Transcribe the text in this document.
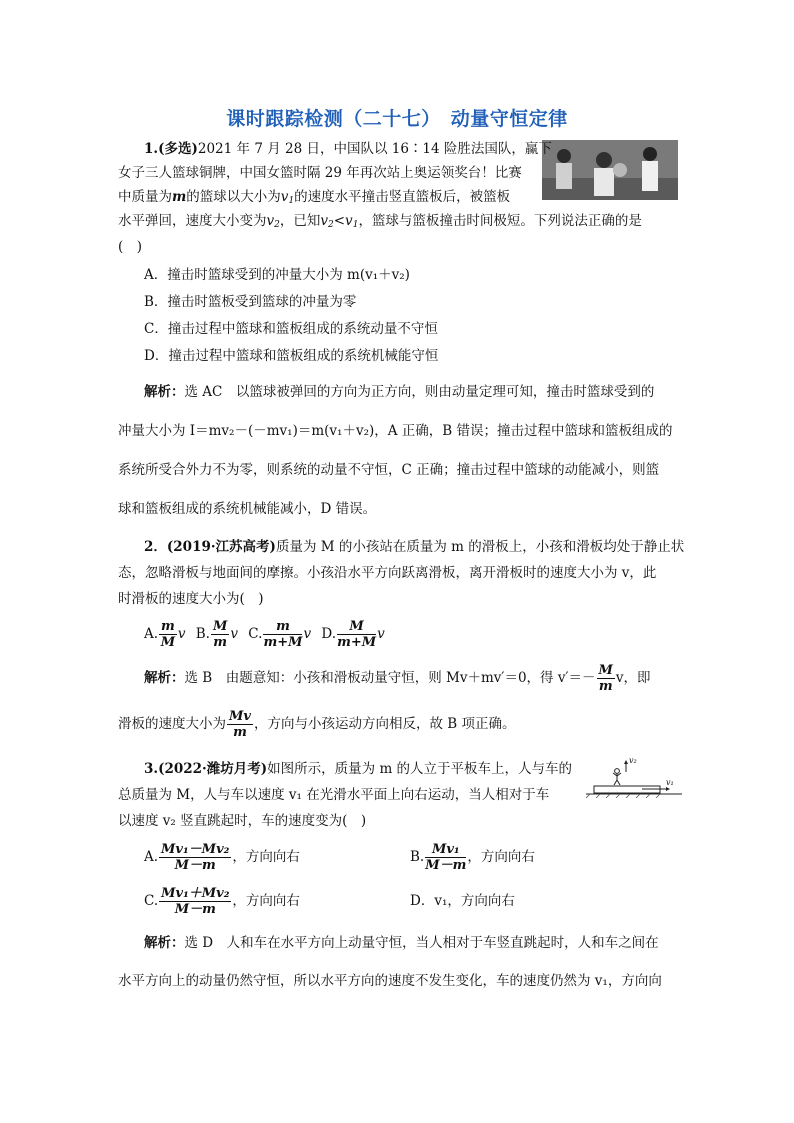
课时跟踪检测（二十七）　动量守恒定律
1.(多选)2021 年 7 月 28 日，中国队以 16∶14 险胜法国队，赢下
女子三人篮球铜牌，中国女篮时隔 29 年再次站上奥运领奖台！比赛
中质量为m的篮球以大小为$v_1$的速度水平撞击竖直篮板后，被篮板
水平弹回，速度大小变为$v_2$，已知$v_2<v_1$，篮球与篮板撞击时间极短。下列说法正确的是
(　)
A．撞击时篮球受到的冲量大小为 m(v₁＋v₂)
B．撞击时篮板受到篮球的冲量为零
C．撞击过程中篮球和篮板组成的系统动量不守恒
D．撞击过程中篮球和篮板组成的系统机械能守恒
解析：选 AC　以篮球被弹回的方向为正方向，则由动量定理可知，撞击时篮球受到的
冲量大小为 I＝mv₂－(－mv₁)＝m(v₁＋v₂)，A 正确，B 错误；撞击过程中篮球和篮板组成的
系统所受合外力不为零，则系统的动量不守恒，C 正确；撞击过程中篮球的动能减小，则篮
球和篮板组成的系统机械能减小，D 错误。
2．(2019·江苏高考)质量为 M 的小孩站在质量为 m 的滑板上，小孩和滑板均处于静止状
态，忽略滑板与地面间的摩擦。小孩沿水平方向跃离滑板，离开滑板时的速度大小为 v，此
时滑板的速度大小为(　)
A. $\frac{m}{M}$ v B. $\frac{M}{m}$ v C. $\frac{m}{m+M}$ v D. $\frac{M}{m+M}$ v
解析：选 B　由题意知：小孩和滑板动量守恒，则 Mv＋mv′＝0，得 $v'=- \frac{M}{m}$ v，即
滑板的速度大小为 $\frac{Mv}{m}$ ，方向与小孩运动方向相反，故 B 项正确。
v₂
v₁
3.(2022·潍坊月考)如图所示，质量为 m 的人立于平板车上，人与车的
总质量为 M，人与车以速度 v₁ 在光滑水平面上向右运动，当人相对于车
以速度 v₂ 竖直跳起时，车的速度变为(　)
A. $\frac{\text{Mv₁－Mv₂}}{M-m}$ ，方向向右	B. $\frac{\text{Mv₁}}{M-m}$ ，方向向右
C. $\frac{\text{Mv₁＋Mv₂}}{M-m}$ ，方向向右	D．v₁，方向向右
解析：选 D　人和车在水平方向上动量守恒，当人相对于车竖直跳起时，人和车之间在
水平方向上的动量仍然守恒，所以水平方向的速度不发生变化，车的速度仍然为 v₁，方向向
